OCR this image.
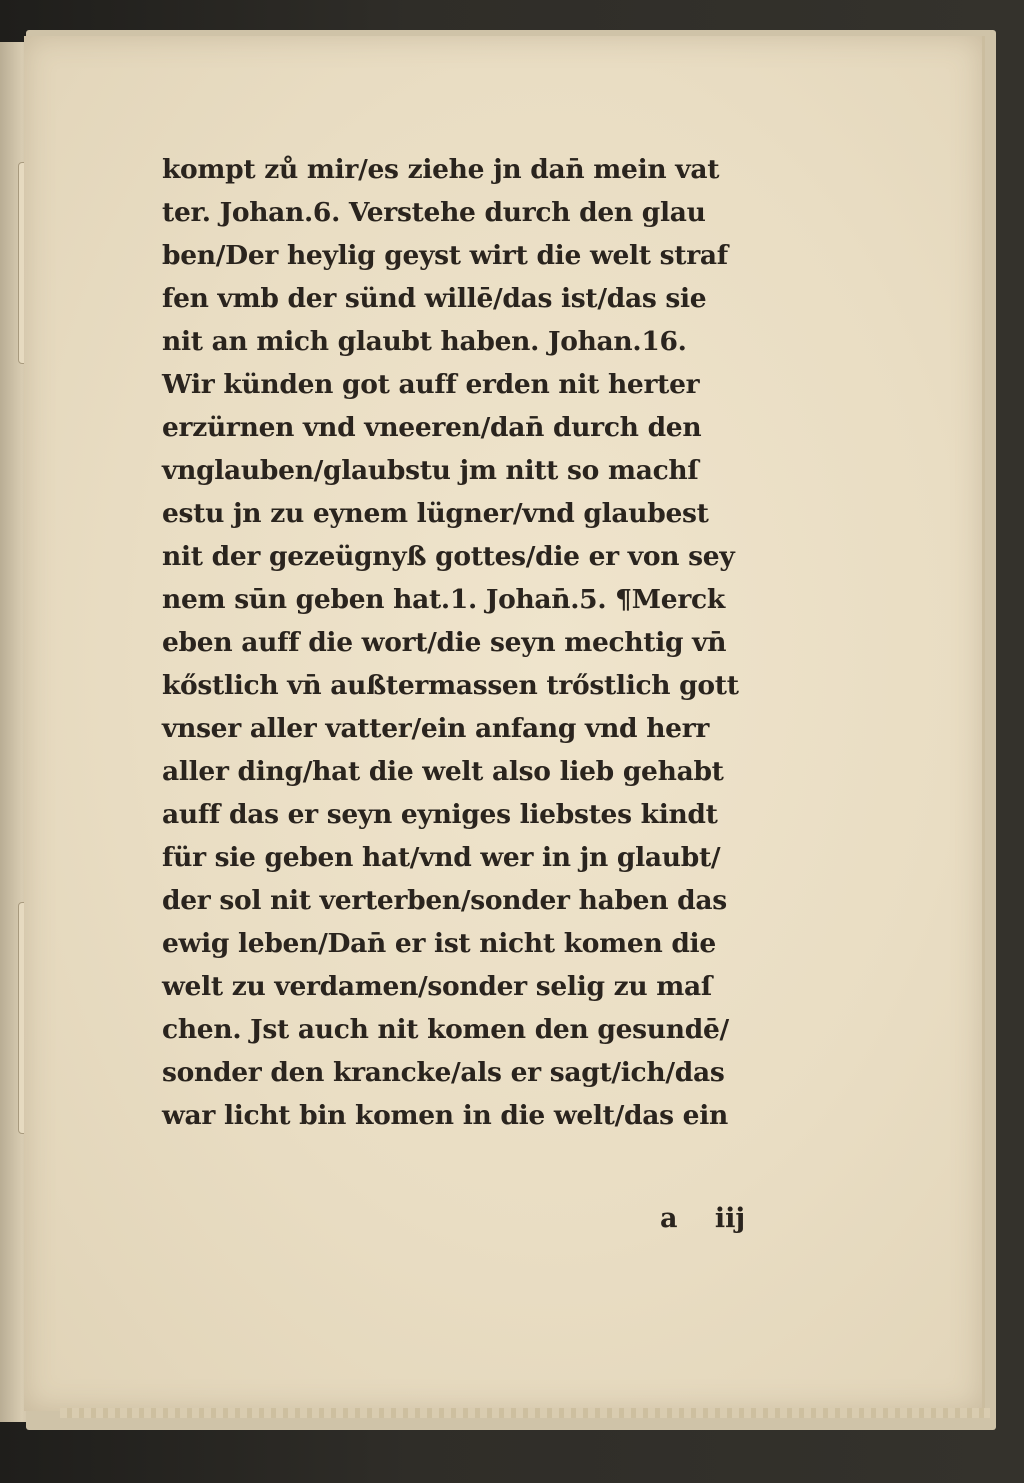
kompt zů mir/es ziehe jn dan̄ mein vat
ter. Johan.6. Verstehe durch den glau
ben/Der heylig geyst wirt die welt straf
fen vmb der sünd willē/das ist/das sie
nit an mich glaubt haben. Johan.16.
Wir künden got auff erden nit herter
erzürnen vnd vneeren/dan̄ durch den
vnglauben/glaubstu jm nitt so machſ
estu jn zu eynem lügner/vnd glaubest
nit der gezeügnyß gottes/die er von sey
nem sūn geben hat.1. Johan̄.5. ¶Merck
eben auff die wort/die seyn mechtig vn̄
kőstlich vn̄ außtermassen trőstlich gott
vnser aller vatter/ein anfang vnd herr
aller ding/hat die welt also lieb gehabt
auff das er seyn eyniges liebstes kindt
für sie geben hat/vnd wer in jn glaubt/
der sol nit verterben/sonder haben das
ewig leben/Dan̄ er ist nicht komen die
welt zu verdamen/sonder selig zu maſ
chen. Jst auch nit komen den gesundē/
sonder den krancke/als er sagt/ich/das
war licht bin komen in die welt/das ein
a iij
